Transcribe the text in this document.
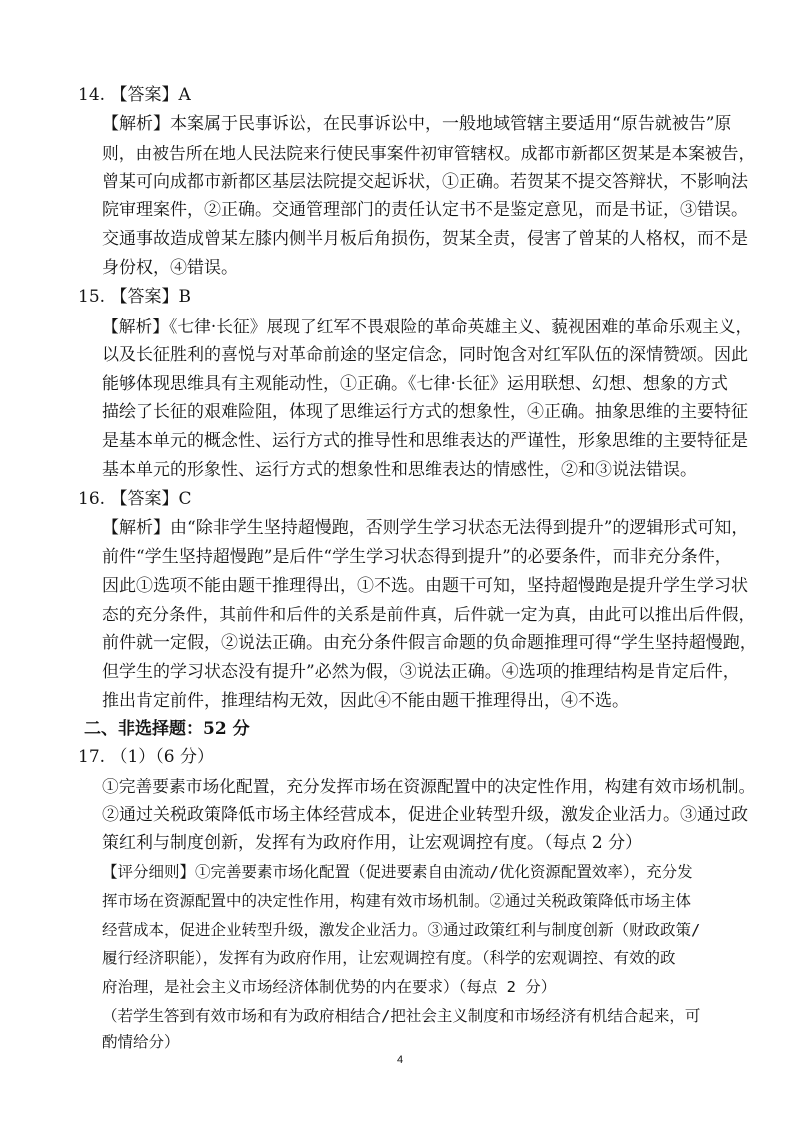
14. 【答案】A
【解析】本案属于民事诉讼，在民事诉讼中，一般地域管辖主要适用“原告就被告”原
则，由被告所在地人民法院来行使民事案件初审管辖权。成都市新都区贺某是本案被告，
曾某可向成都市新都区基层法院提交起诉状，①正确。若贺某不提交答辩状，不影响法
院审理案件，②正确。交通管理部门的责任认定书不是鉴定意见，而是书证，③错误。
交通事故造成曾某左膝内侧半月板后角损伤，贺某全责，侵害了曾某的人格权，而不是
身份权，④错误。
15. 【答案】B
【解析】《七律·长征》展现了红军不畏艰险的革命英雄主义、藐视困难的革命乐观主义，
以及长征胜利的喜悦与对革命前途的坚定信念，同时饱含对红军队伍的深情赞颂。因此
能够体现思维具有主观能动性，①正确。《七律·长征》运用联想、幻想、想象的方式
描绘了长征的艰难险阻，体现了思维运行方式的想象性，④正确。抽象思维的主要特征
是基本单元的概念性、运行方式的推导性和思维表达的严谨性，形象思维的主要特征是
基本单元的形象性、运行方式的想象性和思维表达的情感性，②和③说法错误。
16. 【答案】C
【解析】由“除非学生坚持超慢跑，否则学生学习状态无法得到提升”的逻辑形式可知，
前件“学生坚持超慢跑”是后件“学生学习状态得到提升”的必要条件，而非充分条件，
因此①选项不能由题干推理得出，①不选。由题干可知，坚持超慢跑是提升学生学习状
态的充分条件，其前件和后件的关系是前件真，后件就一定为真，由此可以推出后件假，
前件就一定假，②说法正确。由充分条件假言命题的负命题推理可得“学生坚持超慢跑，
但学生的学习状态没有提升”必然为假，③说法正确。④选项的推理结构是肯定后件，
推出肯定前件，推理结构无效，因此④不能由题干推理得出，④不选。
二、非选择题：52 分
17. （1）（6 分）
①完善要素市场化配置，充分发挥市场在资源配置中的决定性作用，构建有效市场机制。
②通过关税政策降低市场主体经营成本，促进企业转型升级，激发企业活力。③通过政
策红利与制度创新，发挥有为政府作用，让宏观调控有度。（每点 2 分）
【评分细则】①完善要素市场化配置（促进要素自由流动/优化资源配置效率），充分发
挥市场在资源配置中的决定性作用，构建有效市场机制。②通过关税政策降低市场主体
经营成本，促进企业转型升级，激发企业活力。③通过政策红利与制度创新（财政政策/
履行经济职能），发挥有为政府作用，让宏观调控有度。（科学的宏观调控、有效的政
府治理，是社会主义市场经济体制优势的内在要求）（每点 2 分）
（若学生答到有效市场和有为政府相结合/把社会主义制度和市场经济有机结合起来，可
酌情给分）
4
